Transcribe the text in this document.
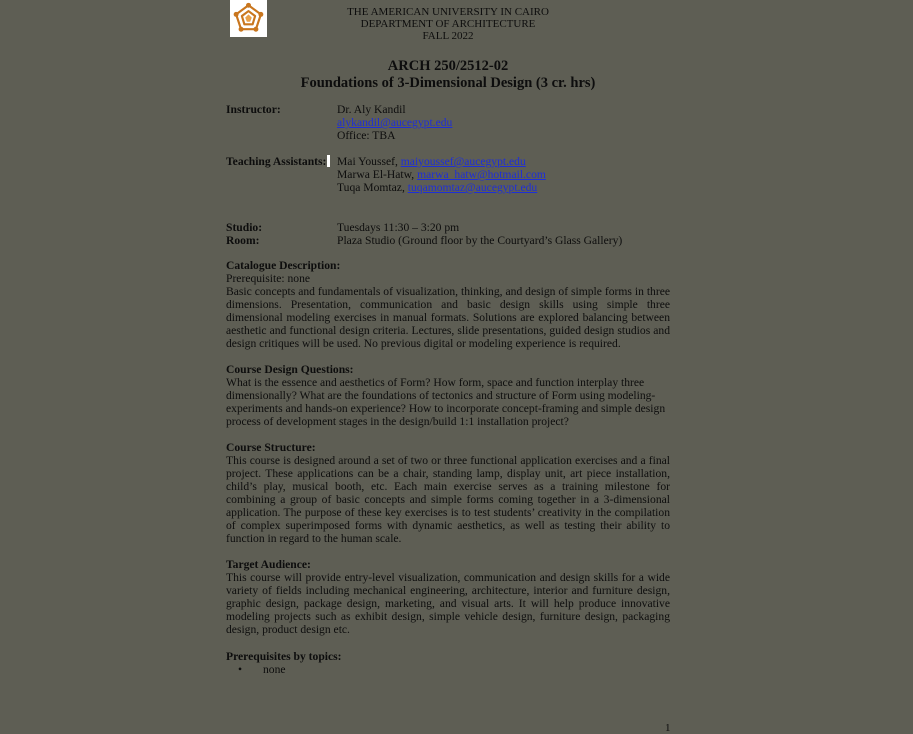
THE AMERICAN UNIVERSITY IN CAIRO
DEPARTMENT OF ARCHITECTURE
FALL 2022
ARCH 250/2512-02
Foundations of 3-Dimensional Design (3 cr. hrs)
Instructor:	Dr. Aly Kandil
alykandil@aucegypt.edu
Office: TBA
Teaching Assistants: Mai Youssef, maiyoussef@aucegypt.edu
Marwa El-Hatw, marwa_hatw@hotmail.com
Tuqa Momtaz, tuqamomtaz@aucegypt.edu
Studio:	Tuesdays 11:30 – 3:20 pm
Room:	Plaza Studio (Ground floor by the Courtyard’s Glass Gallery)
Catalogue Description:

Prerequisite: none

Basic concepts and fundamentals of visualization, thinking, and design of simple forms in three dimensions. Presentation, communication and basic design skills using simple three dimensional modeling exercises in manual formats. Solutions are explored balancing between aesthetic and functional design criteria. Lectures, slide presentations, guided design studios and design critiques will be used. No previous digital or modeling experience is required.

Course Design Questions:
What is the essence and aesthetics of Form? How form, space and function interplay three
dimensionally? What are the foundations of tectonics and structure of Form using modeling-
experiments and hands-on experience? How to incorporate concept-framing and simple design
process of development stages in the design/build 1:1 installation project?
Course Structure:

This course is designed around a set of two or three functional application exercises and a final project. These applications can be a chair, standing lamp, display unit, art piece installation, child’s play, musical booth, etc. Each main exercise serves as a training milestone for combining a group of basic concepts and simple forms coming together in a 3-dimensional application. The purpose of these key exercises is to test students’ creativity in the compilation of complex superimposed forms with dynamic aesthetics, as well as testing their ability to function in regard to the human scale.

Target Audience:

This course will provide entry-level visualization, communication and design skills for a wide variety of fields including mechanical engineering, architecture, interior and furniture design, graphic design, package design, marketing, and visual arts. It will help produce innovative modeling projects such as exhibit design, simple vehicle design, furniture design, packaging design, product design etc.

Prerequisites by topics:
• none
1
